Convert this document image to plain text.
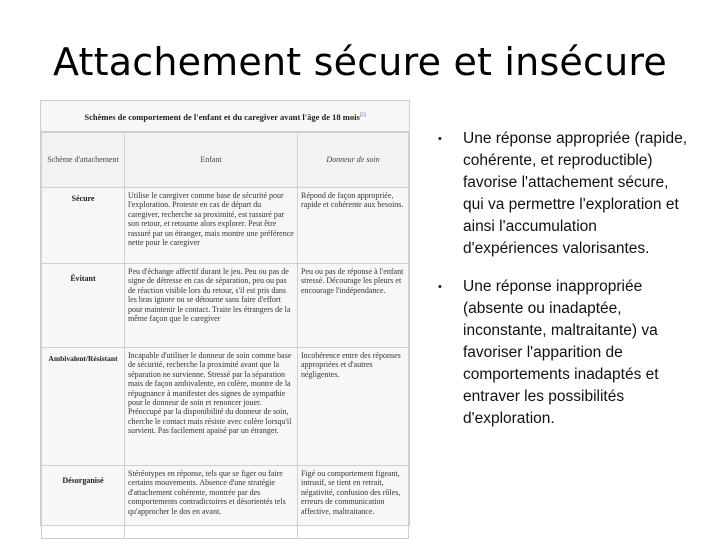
Attachement sécure et insécure
Schèmes de comportement de l'enfant et du caregiver avant l'âge de 18 mois[5]
Schème d'attachement	Enfant	Donneur de soin
Sécure	Utilise le caregiver comme base de sécurité pour l'exploration. Proteste en cas de départ du caregiver, recherche sa proximité, est rassuré par son retour, et retourne alors explorer. Peut être rassuré par un étranger, mais montre une préférence nette pour le caregiver	Répond de façon appropriée, rapide et cohérente aux besoins.
Évitant	Peu d'échange affectif durant le jeu. Peu ou pas de signe de détresse en cas de séparation, peu ou pas de réaction visible lors du retour, s'il est pris dans les bras ignore ou se détourne sans faire d'effort pour maintenir le contact. Traite les étrangers de la même façon que le caregiver	Peu ou pas de réponse à l'enfant stressé. Décourage les pleurs et encourage l'indépendance.
Ambivalent/Résistant	Incapable d'utiliser le donneur de soin comme base de sécurité, recherche la proximité avant que la séparation ne survienne. Stressé par la séparation mais de façon ambivalente, en colère, montre de la répugnance à manifester des signes de sympathie pour le donneur de soin et renoncer jouer. Préoccupé par la disponibilité du donneur de soin, cherche le contact mais résiste avec colère lorsqu'il survient. Pas facilement apaisé par un étranger.	Incohérence entre des réponses appropriées et d'autres négligentes.
Désorganisé	Stéréotypes en réponse, tels que se figer ou faire certains mouvements. Absence d'une stratégie d'attachement cohérente, montrée par des comportements contradictoires et désorientés tels qu'approcher le dos en avant.	Figé ou comportement figeant, intrusif, se tient en retrait, négativité, confusion des rôles, erreurs de communication affective, maltraitance.
• Une réponse appropriée (rapide, cohérente, et reproductible) favorise l'attachement sécure, qui va permettre l'exploration et ainsi l'accumulation d'expériences valorisantes.
• Une réponse inappropriée (absente ou inadaptée, inconstante, maltraitante) va favoriser l'apparition de comportements inadaptés et entraver les possibilités d'exploration.
